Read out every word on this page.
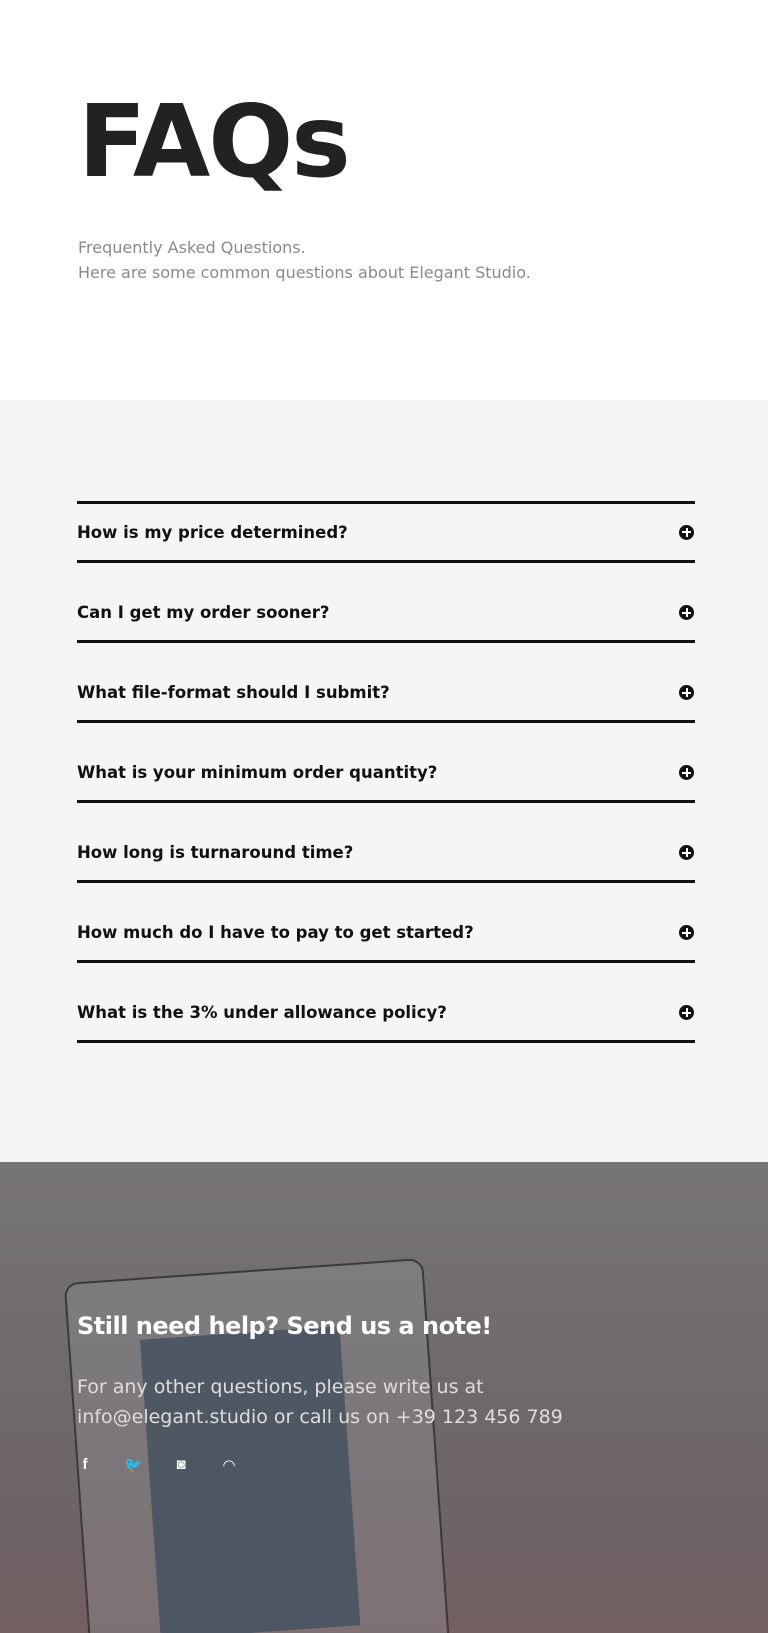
FAQs
Frequently Asked Questions.
Here are some common questions about Elegant Studio.
How is my price determined?
Can I get my order sooner?
What file-format should I submit?
What is your minimum order quantity?
How long is turnaround time?
How much do I have to pay to get started?
What is the 3% under allowance policy?
Still need help? Send us a note!
For any other questions, please write us at
info@elegant.studio or call us on +39 123 456 789
f	🐦 ◙	◠
